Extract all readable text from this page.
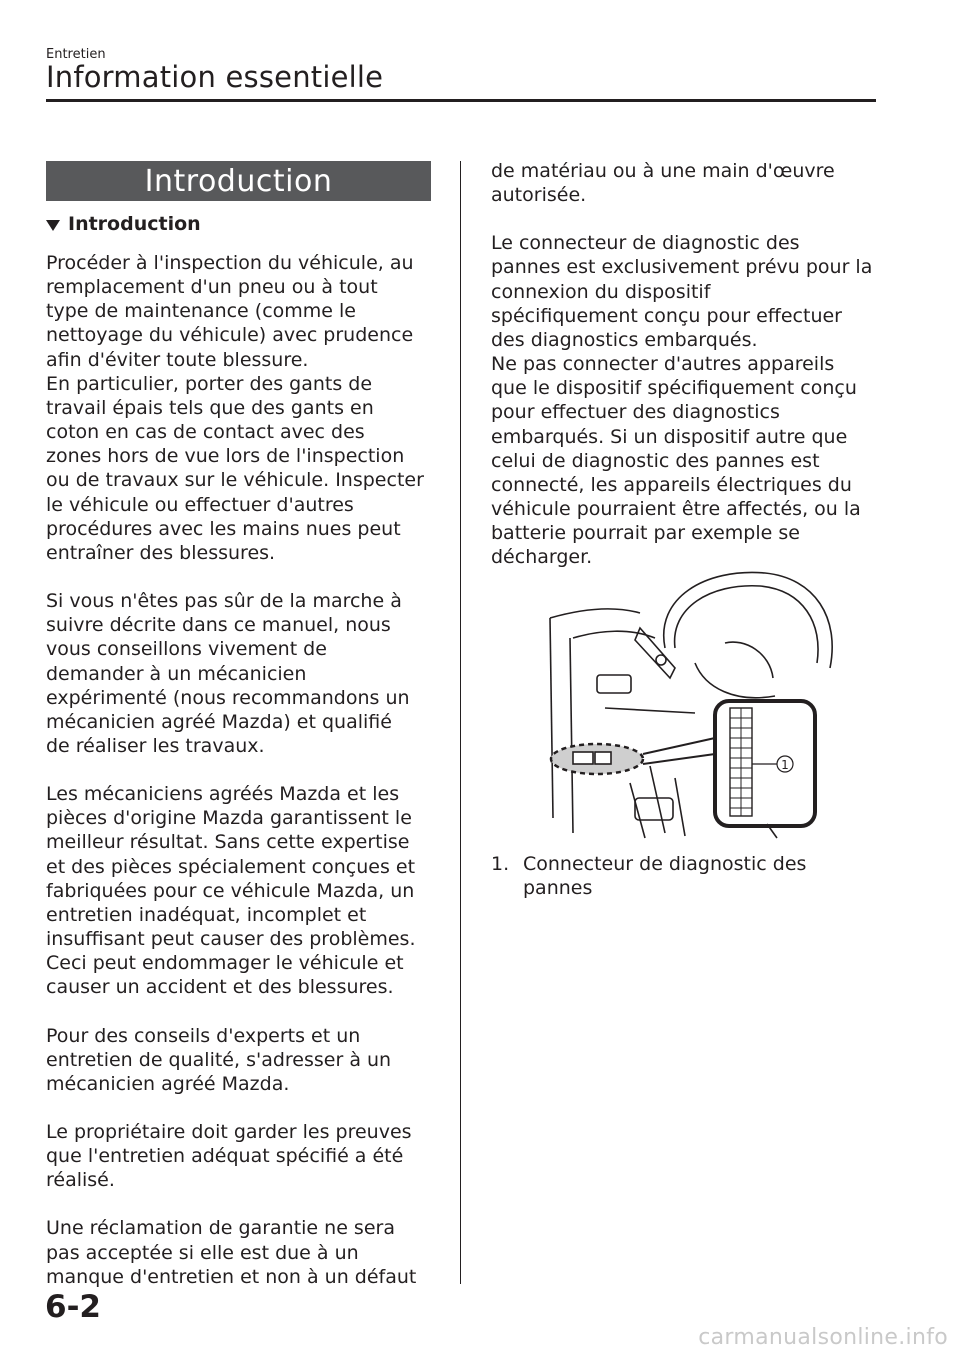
Entretien
Information essentielle
Introduction
Introduction

Procéder à l'inspection du véhicule, au
remplacement d'un pneu ou à tout
type de maintenance (comme le
nettoyage du véhicule) avec prudence
afin d'éviter toute blessure.
En particulier, porter des gants de
travail épais tels que des gants en
coton en cas de contact avec des
zones hors de vue lors de l'inspection
ou de travaux sur le véhicule. Inspecter
le véhicule ou effectuer d'autres
procédures avec les mains nues peut
entraîner des blessures.

Si vous n'êtes pas sûr de la marche à
suivre décrite dans ce manuel, nous
vous conseillons vivement de
demander à un mécanicien
expérimenté (nous recommandons un
mécanicien agréé Mazda) et qualifié
de réaliser les travaux.

Les mécaniciens agréés Mazda et les
pièces d'origine Mazda garantissent le
meilleur résultat. Sans cette expertise
et des pièces spécialement conçues et
fabriquées pour ce véhicule Mazda, un
entretien inadéquat, incomplet et
insuffisant peut causer des problèmes.
Ceci peut endommager le véhicule et
causer un accident et des blessures.

Pour des conseils d'experts et un
entretien de qualité, s'adresser à un
mécanicien agréé Mazda.

Le propriétaire doit garder les preuves
que l'entretien adéquat spécifié a été
réalisé.

Une réclamation de garantie ne sera
pas acceptée si elle est due à un
manque d'entretien et non à un défaut

de matériau ou à une main d'œuvre
autorisée.

Le connecteur de diagnostic des
pannes est exclusivement prévu pour la
connexion du dispositif
spécifiquement conçu pour effectuer
des diagnostics embarqués.
Ne pas connecter d'autres appareils
que le dispositif spécifiquement conçu
pour effectuer des diagnostics
embarqués. Si un dispositif autre que
celui de diagnostic des pannes est
connecté, les appareils électriques du
véhicule pourraient être affectés, ou la
batterie pourrait par exemple se
décharger.

1
1. Connecteur de diagnostic des
pannes
6-2
carmanualsonline.info
